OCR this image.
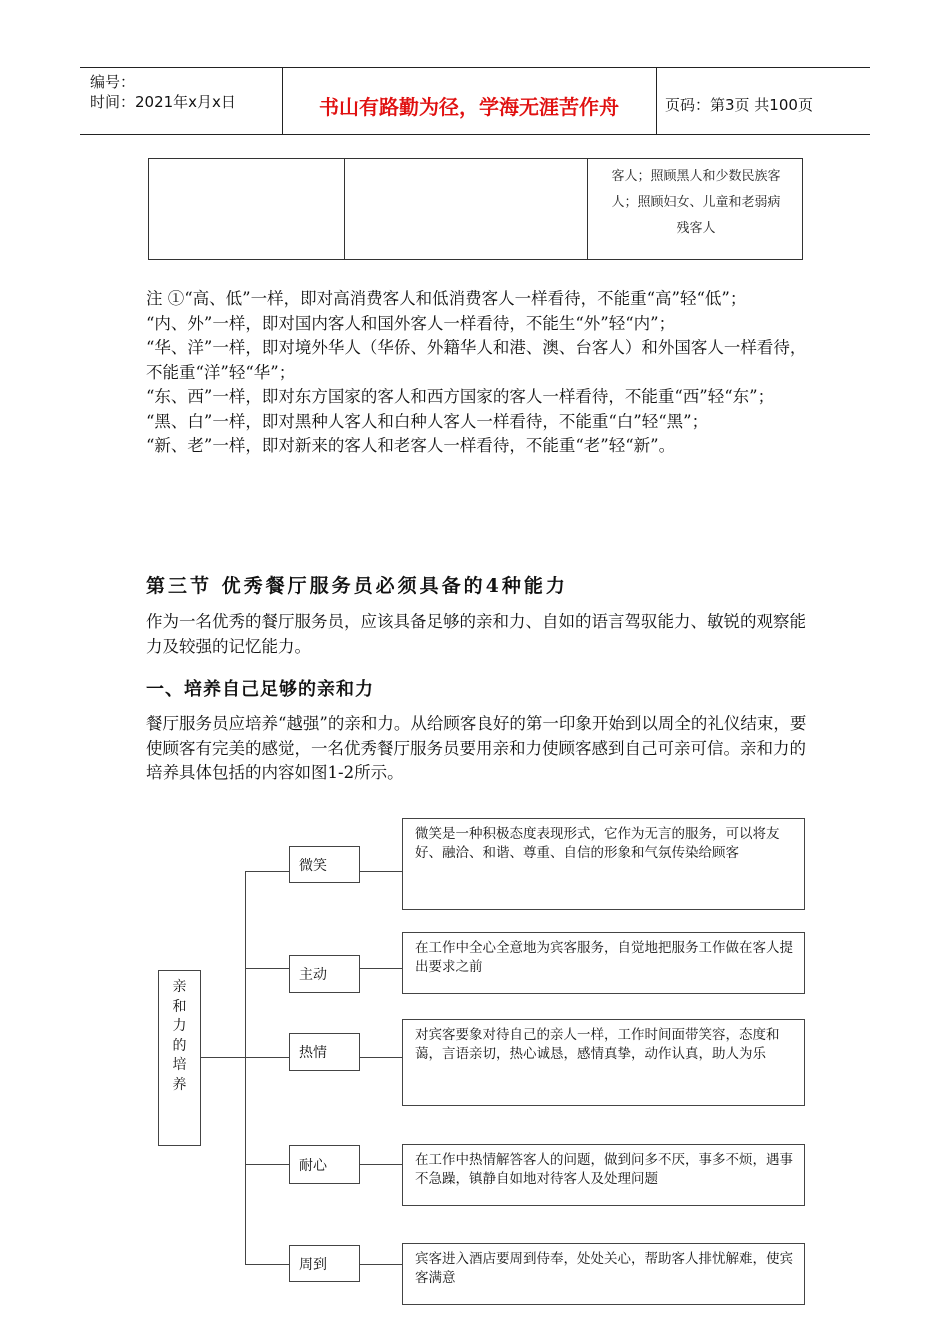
编号：
时间：2021年x月x日	书山有路勤为径，学海无涯苦作舟	页码：第3页 共100页
客人；照顾黑人和少数民族客
人；照顾妇女、儿童和老弱病
残客人
注 ①“高、低”一样，即对高消费客人和低消费客人一样看待，不能重“高”轻“低”；
“内、外”一样，即对国内客人和国外客人一样看待，不能生“外”轻“内”；
“华、洋”一样，即对境外华人（华侨、外籍华人和港、澳、台客人）和外国客人一样看待，不能重“洋”轻“华”；
“东、西”一样，即对东方国家的客人和西方国家的客人一样看待，不能重“西”轻“东”；
“黑、白”一样，即对黑种人客人和白种人客人一样看待，不能重“白”轻“黑”；
“新、老”一样，即对新来的客人和老客人一样看待，不能重“老”轻“新”。
第三节 优秀餐厅服务员必须具备的4种能力
作为一名优秀的餐厅服务员，应该具备足够的亲和力、自如的语言驾驭能力、敏锐的观察能力及较强的记忆能力。
一、培养自己足够的亲和力
餐厅服务员应培养“越强”的亲和力。从给顾客良好的第一印象开始到以周全的礼仪结束，要使顾客有完美的感觉，一名优秀餐厅服务员要用亲和力使顾客感到自己可亲可信。亲和力的培养具体包括的内容如图1-2所示。
亲
和
力
的
培
养
微笑
主动
热情
耐心
周到
微笑是一种积极态度表现形式，它作为无言的服务，可以将友好、融洽、和谐、尊重、自信的形象和气氛传染给顾客
在工作中全心全意地为宾客服务，自觉地把服务工作做在客人提出要求之前
对宾客要象对待自己的亲人一样，工作时间面带笑容，态度和蔼，言语亲切，热心诚恳，感情真挚，动作认真，助人为乐
在工作中热情解答客人的问题，做到问多不厌，事多不烦，遇事不急躁，镇静自如地对待客人及处理问题
宾客进入酒店要周到侍奉，处处关心，帮助客人排忧解难，使宾客满意
